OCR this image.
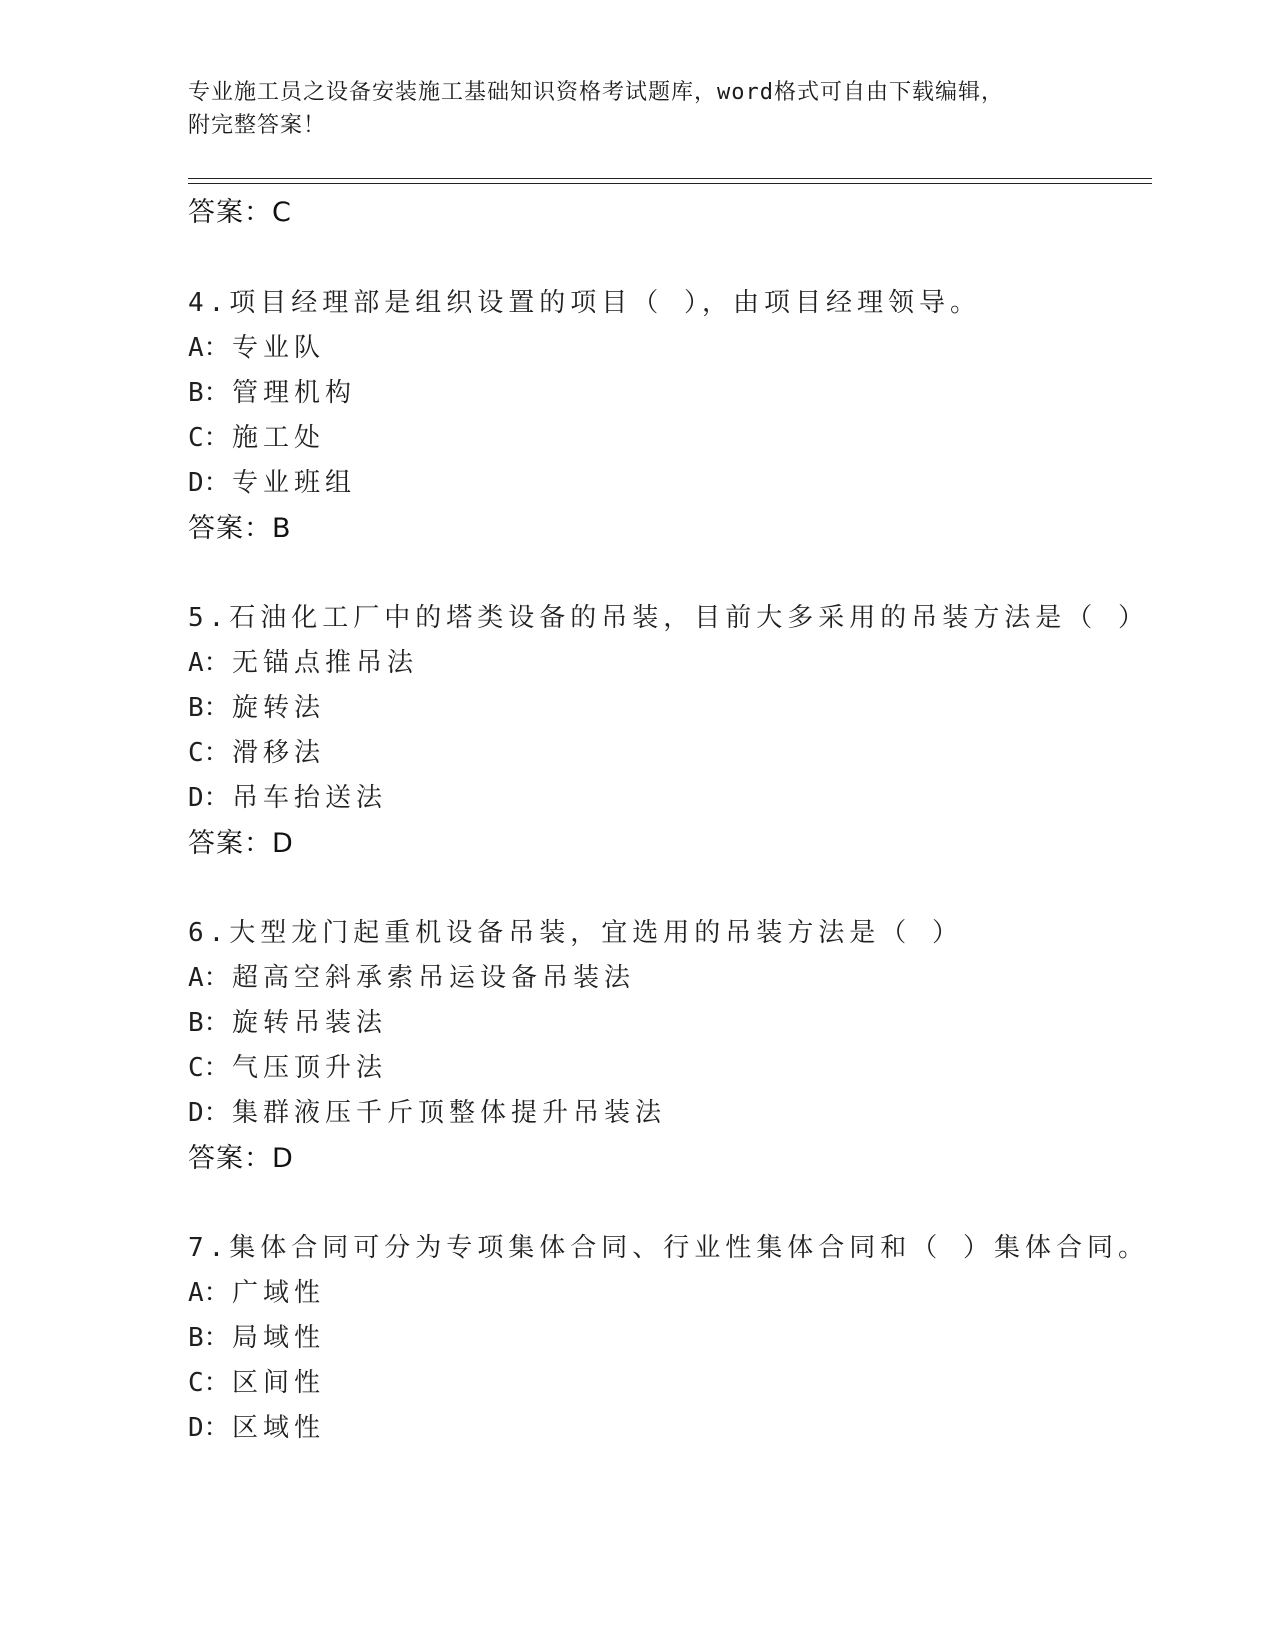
专业施工员之设备安装施工基础知识资格考试题库，word格式可自由下载编辑，
附完整答案！

答案：C

4.项目经理部是组织设置的项目（ ），由项目经理领导。

A：专业队

B：管理机构

C：施工处

D：专业班组

答案：B

5.石油化工厂中的塔类设备的吊装，目前大多采用的吊装方法是（ ）

A：无锚点推吊法

B：旋转法

C：滑移法

D：吊车抬送法

答案：D

6.大型龙门起重机设备吊装，宜选用的吊装方法是（ ）

A：超高空斜承索吊运设备吊装法

B：旋转吊装法

C：气压顶升法

D：集群液压千斤顶整体提升吊装法

答案：D

7.集体合同可分为专项集体合同、行业性集体合同和（ ）集体合同。

A：广域性

B：局域性

C：区间性

D：区域性
